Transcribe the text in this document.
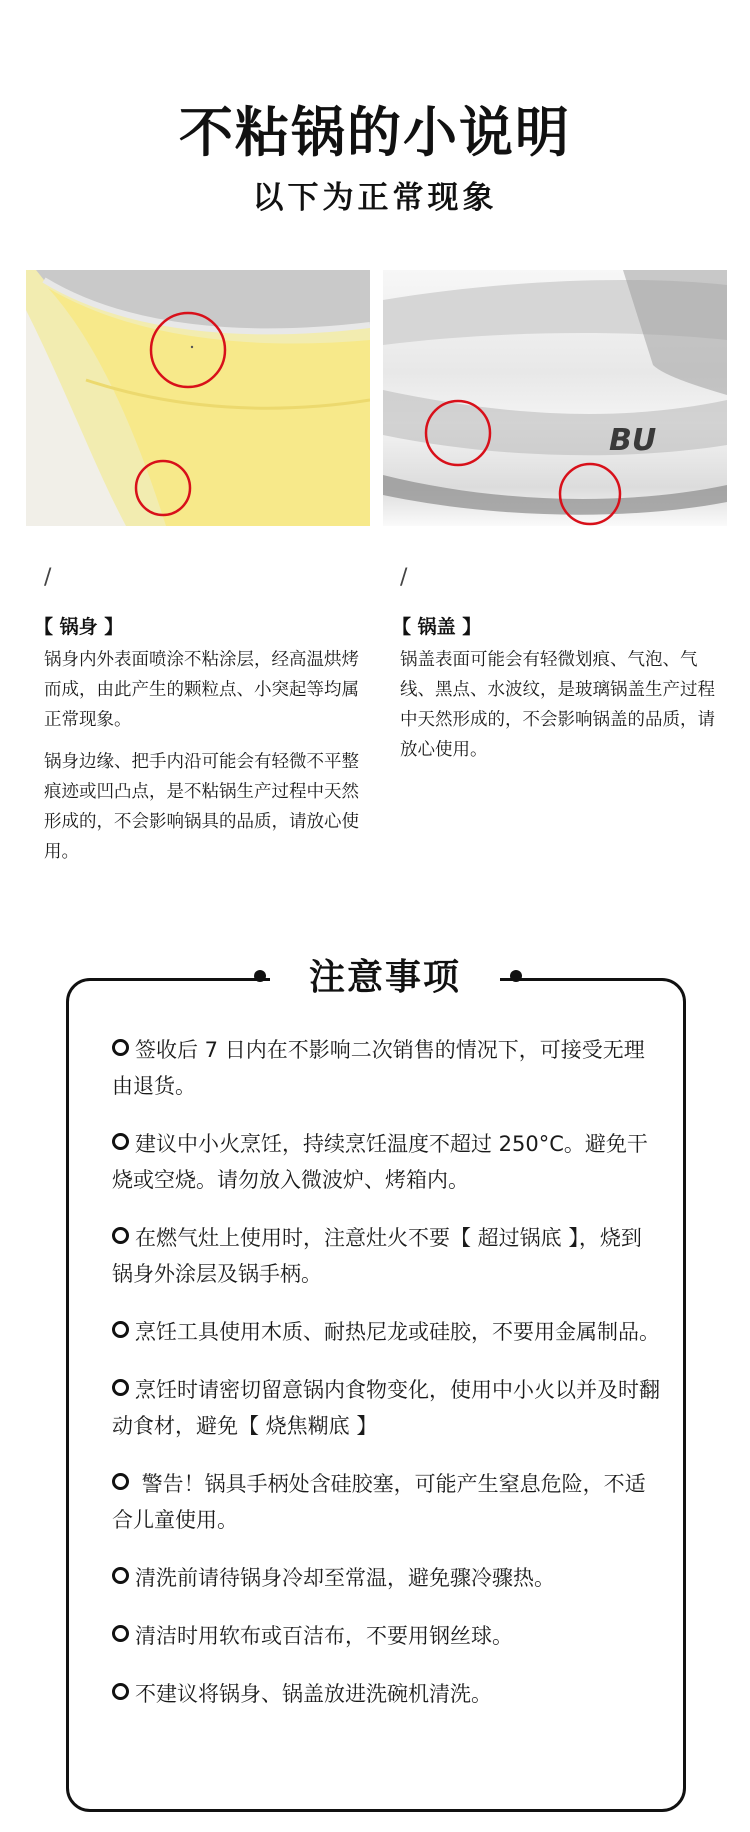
不粘锅的小说明
以下为正常现象
BU
/
【 锅身 】

锅身内外表面喷涂不粘涂层，经高温烘烤而成，由此产生的颗粒点、小突起等均属正常现象。

锅身边缘、把手内沿可能会有轻微不平整痕迹或凹凸点，是不粘锅生产过程中天然形成的，不会影响锅具的品质，请放心使用。

/
【 锅盖 】

锅盖表面可能会有轻微划痕、气泡、气线、黑点、水波纹，是玻璃锅盖生产过程中天然形成的，不会影响锅盖的品质，请放心使用。

注意事项
签收后 7 日内在不影响二次销售的情况下，可接受无理由退货。
建议中小火烹饪，持续烹饪温度不超过 250°C。避免干烧或空烧。请勿放入微波炉、烤箱内。
在燃气灶上使用时，注意灶火不要【 超过锅底 】，烧到锅身外涂层及锅手柄。
烹饪工具使用木质、耐热尼龙或硅胶，不要用金属制品。
烹饪时请密切留意锅内食物变化，使用中小火以并及时翻动食材，避免【 烧焦糊底 】
警告！锅具手柄处含硅胶塞，可能产生窒息危险，不适合儿童使用。
清洗前请待锅身冷却至常温，避免骤冷骤热。
清洁时用软布或百洁布，不要用钢丝球。
不建议将锅身、锅盖放进洗碗机清洗。
